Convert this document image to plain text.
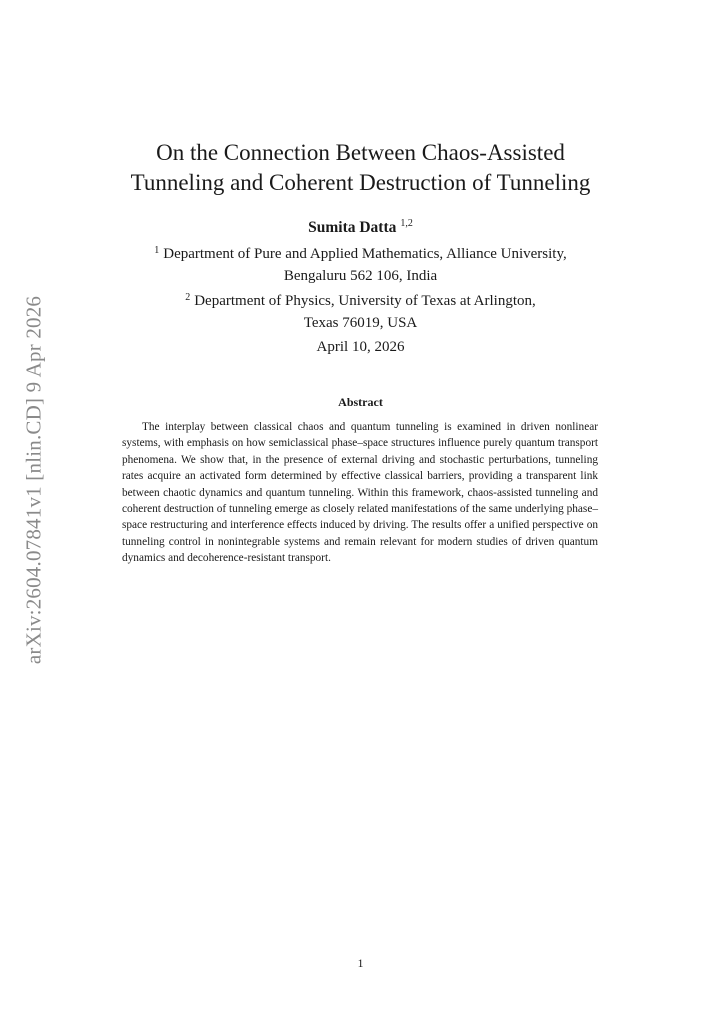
arXiv:2604.07841v1 [nlin.CD] 9 Apr 2026
On the Connection Between Chaos-Assisted
Tunneling and Coherent Destruction of Tunneling
Sumita Datta $^{1,2}$
$^1$ Department of Pure and Applied Mathematics, Alliance University,
Bengaluru 562 106, India
$^2$ Department of Physics, University of Texas at Arlington,
Texas 76019, USA
April 10, 2026
Abstract

The interplay between classical chaos and quantum tunneling is examined in driven nonlinear systems, with emphasis on how semiclassical phase–space structures influence purely quantum transport phenomena. We show that, in the presence of external driving and stochastic perturbations, tunneling rates acquire an activated form determined by effective classical barriers, providing a transparent link between chaotic dynamics and quantum tunneling. Within this framework, chaos-assisted tunneling and coherent destruction of tunneling emerge as closely related manifestations of the same underlying phase–space restructuring and interference effects induced by driving. The results offer a unified perspective on tunneling control in nonintegrable systems and remain relevant for modern studies of driven quantum dynamics and decoherence-resistant transport.

1
